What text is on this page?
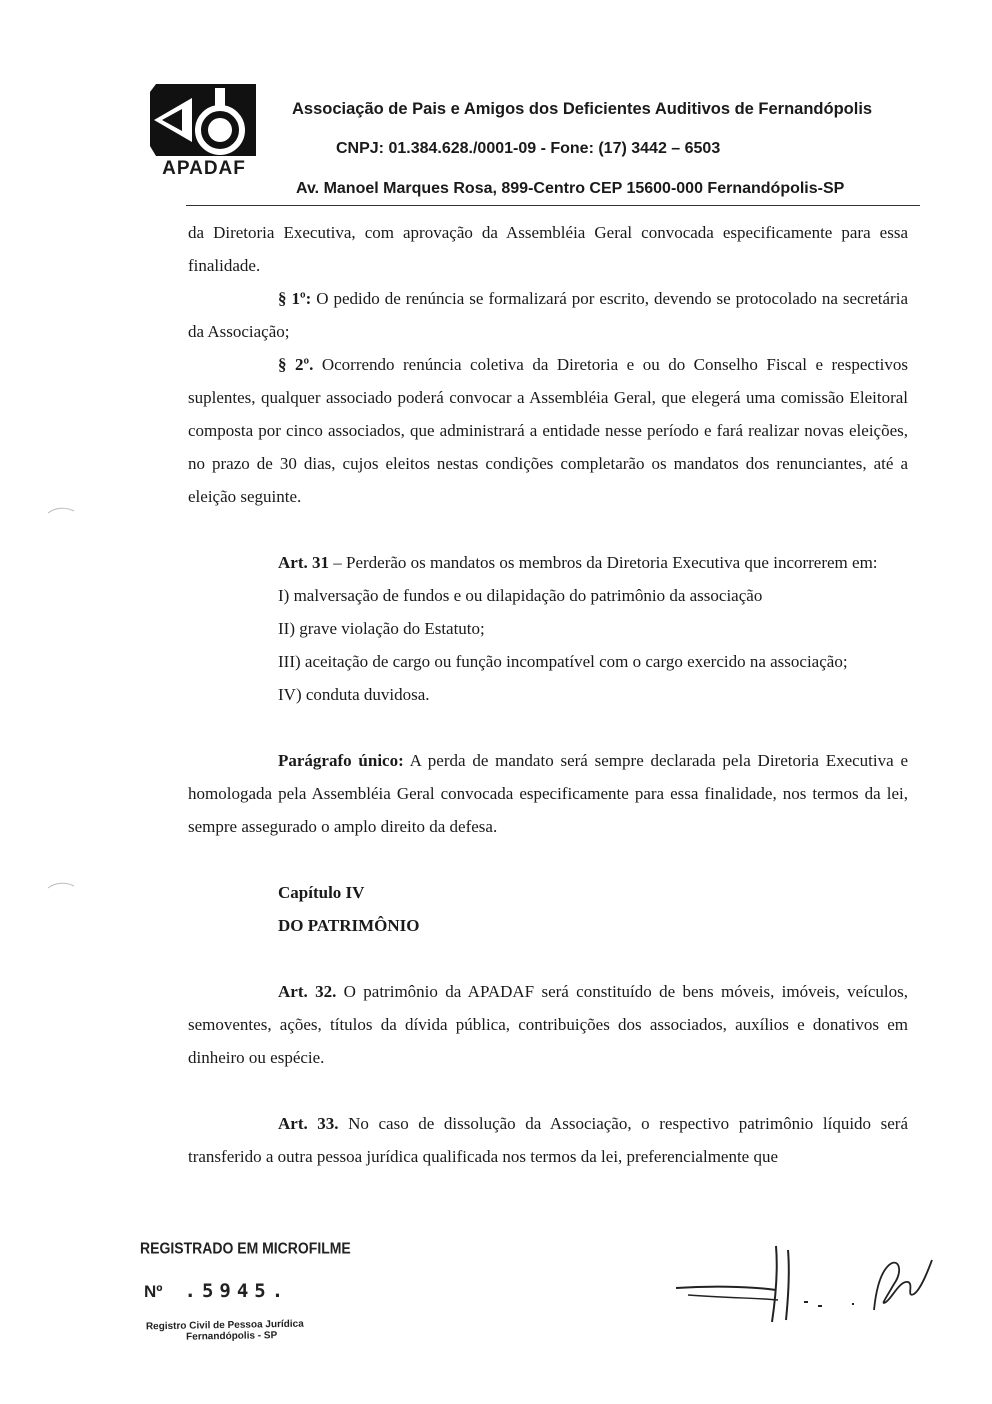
APADAF
Associação de Pais e Amigos dos Deficientes Auditivos de Fernandópolis
CNPJ: 01.384.628./0001-09 - Fone: (17) 3442 – 6503
Av. Manoel Marques Rosa, 899-Centro CEP 15600-000 Fernandópolis-SP

da Diretoria Executiva, com aprovação da Assembléia Geral convocada especificamente para essa finalidade.

§ 1º: O pedido de renúncia se formalizará por escrito, devendo se protocolado na secretária da Associação;

§ 2º. Ocorrendo renúncia coletiva da Diretoria e ou do Conselho Fiscal e respectivos suplentes, qualquer associado poderá convocar a Assembléia Geral, que elegerá uma comissão Eleitoral composta por cinco associados, que administrará a entidade nesse período e fará realizar novas eleições, no prazo de 30 dias, cujos eleitos nestas condições completarão os mandatos dos renunciantes, até a eleição seguinte.

Art. 31 – Perderão os mandatos os membros da Diretoria Executiva que incorrerem em:

I) malversação de fundos e ou dilapidação do patrimônio da associação

II) grave violação do Estatuto;

III) aceitação de cargo ou função incompatível com o cargo exercido na associação;

IV) conduta duvidosa.

Parágrafo único: A perda de mandato será sempre declarada pela Diretoria Executiva e homologada pela Assembléia Geral convocada especificamente para essa finalidade, nos termos da lei, sempre assegurado o amplo direito da defesa.

Capítulo IV

DO PATRIMÔNIO

Art. 32. O patrimônio da APADAF será constituído de bens móveis, imóveis, veículos, semoventes, ações, títulos da dívida pública, contribuições dos associados, auxílios e donativos em dinheiro ou espécie.

Art. 33. No caso de dissolução da Associação, o respectivo patrimônio líquido será transferido a outra pessoa jurídica qualificada nos termos da lei, preferencialmente que

REGISTRADO EM MICROFILME
Nº .5945.
Registro Civil de Pessoa Jurídica
Fernandópolis - SP
